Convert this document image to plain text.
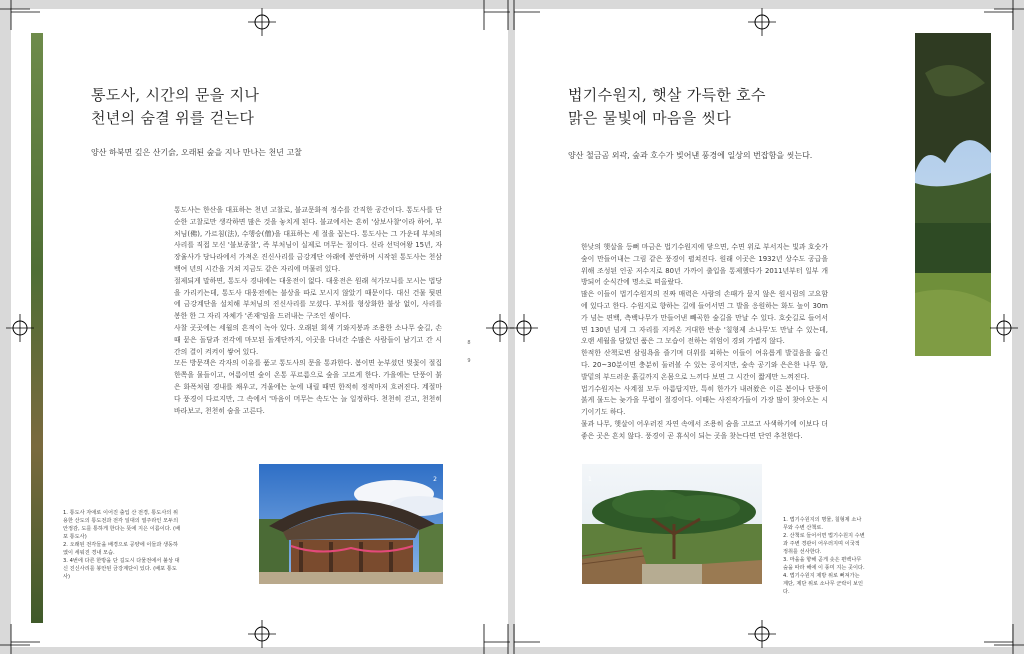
통도사, 시간의 문을 지나
천년의 숨결 위를 걷는다
양산 하북면 깊은 산기슭, 오래된 숲을 지나 만나는 천년 고찰

통도사는 한산을 대표하는 천년 고찰로, 불교문화적 정수를 간직한 공간이다. 통도사를 단순한 고찰로만 생각하면 많은 것을 놓치게 된다. 불교에서는 흔히 '삼보사찰'이라 하여, 부처님(佛), 가르침(法), 수행승(僧)을 대표하는 세 절을 꼽는다. 통도사는 그 가운데 부처의 사리를 직접 모신 '불보종찰', 즉 부처님이 실제로 머무는 절이다. 신라 선덕여왕 15년, 자장율사가 당나라에서 가져온 진신사리를 금강계단 아래에 봉안하며 시작된 통도사는 천삼백여 년의 시간을 거쳐 지금도 같은 자리에 머물러 있다.

절제되게 말하면, 통도사 경내에는 대웅전이 없다. 대웅전은 원래 석가모니를 모시는 법당을 가리키는데, 통도사 대웅전에는 불상을 따로 모시지 않았기 때문이다. 대신 건물 뒷편에 금강계단을 설치해 부처님의 진신사리를 모셨다. 부처를 형상화한 불상 없이, 사리를 봉한 한 그 자리 자체가 '존재'임을 드러내는 구조인 셈이다.

사찰 곳곳에는 세월의 흔적이 녹아 있다. 오래된 회색 기와지붕과 조용한 소나무 숲길, 손때 묻은 돌담과 전각에 마모된 돌계단까지, 이곳을 다녀간 수많은 사람들이 남기고 간 시간의 결이 켜켜이 쌓여 있다.

모든 방문객은 각자의 이유를 품고 통도사의 문을 통과한다. 봄이면 눈부셨던 벚꽃이 절집 한쪽을 물들이고, 여름이면 숲이 온통 푸르름으로 숲을 고르게 한다. 가을에는 단풍이 붉은 화폭처럼 경내를 채우고, 겨울에는 눈에 내릴 때면 한적히 정적마저 흐려진다. 계절마다 풍경이 다르지만, 그 속에서 '마음이 머무는 속도'는 늘 일정하다. 천천히 걷고, 천천히 바라보고, 천천히 숨을 고른다.

8
9
2

1. 통도사 자애로 이어진 출입 산 전경, 통도사의 위용한 산도의 통도전과 전각 일대의 열주라인 모두의 안정감, 도를 통하게 한다는 뜻에 지은 이름이다. (배포 통도사)

2. 오래된 전각들을 배경으로 공양에 이들과 생동하였이 세워진 경내 모습.

3. 4번에 다른 한방을 단 길도시 다물전에서 불상 대신 진신사리를 봉안된 금강계단이 있다. (배포 통도사)

법기수원지, 햇살 가득한 호수
맑은 물빛에 마음을 씻다
양산 철금곰 외곽, 숲과 호수가 빚어낸 풍경에 일상의 번잡함을 씻는다.

한낮의 햇살을 등뼈 마금은 법기수원지에 닿으면, 수면 위로 부서지는 빛과 호숫가 숲이 만들어내는 그림 같은 풍경이 펼쳐진다. 원래 이곳은 1932년 상수도 공급을 위해 조성된 인공 저수지로 80년 가까이 출입을 통제했다가 2011년부터 일부 개방되어 순식간에 명소로 떠올랐다.

많은 이들이 법기수원지의 진짜 매력은 사람의 손때가 묻지 않은 원시림의 고요함에 있다고 한다. 수원지로 향하는 길에 들어서면 그 발을 응원하는 화도 높이 30m가 넘는 편백, 측백나무가 만들어낸 빼곡한 숲길을 만날 수 있다. 호숫길로 들어서면 130년 넘게 그 자리를 지켜온 거대한 반송 '칠형제 소나무'도 만날 수 있는데, 오랜 세월을 담았던 품은 그 모습이 전하는 위엄이 경외 가볍지 않다.

한적한 산책로변 삼림욕을 즐기며 더위를 피하는 이들이 여유롭게 발걸음을 옮긴다. 20~30분이면 충분히 둘러볼 수 있는 공이지만, 숲속 공기와 은은한 나무 향, 발밑의 부드러운 흙길까지 온몸으로 느끼다 보면 그 시간이 짧게만 느껴진다.

법기수원지는 사계절 모두 아름답지만, 특히 한가가 내려왔은 이른 봄이나 단풍이 붉게 물드는 늦가을 무렵이 절경이다. 이때는 사진작가들이 가장 많이 찾아오는 시기이기도 하다.

물과 나무, 햇살이 어우러진 자연 속에서 조용히 숨을 고르고 사색하기에 이보다 더 좋은 곳은 흔치 않다. 풍경이 곧 휴식이 되는 곳을 찾는다면 단연 추천한다.

1

1. 법기수원지의 명물, 칠형제 소나무와 수변 산책로.

2. 산책로 들어서면 법기수원지 수변과 주변 경관이 어우러지며 이국적 정취를 선사한다.

3. 마을을 향해 곧게 솟은 편백나무 숲을 따라 해에 이 풍미 지는 곳이다.

4. 법기수원지 제방 위로 뻐져가는 계단, 제단 위로 소나무 군락이 보인다.
